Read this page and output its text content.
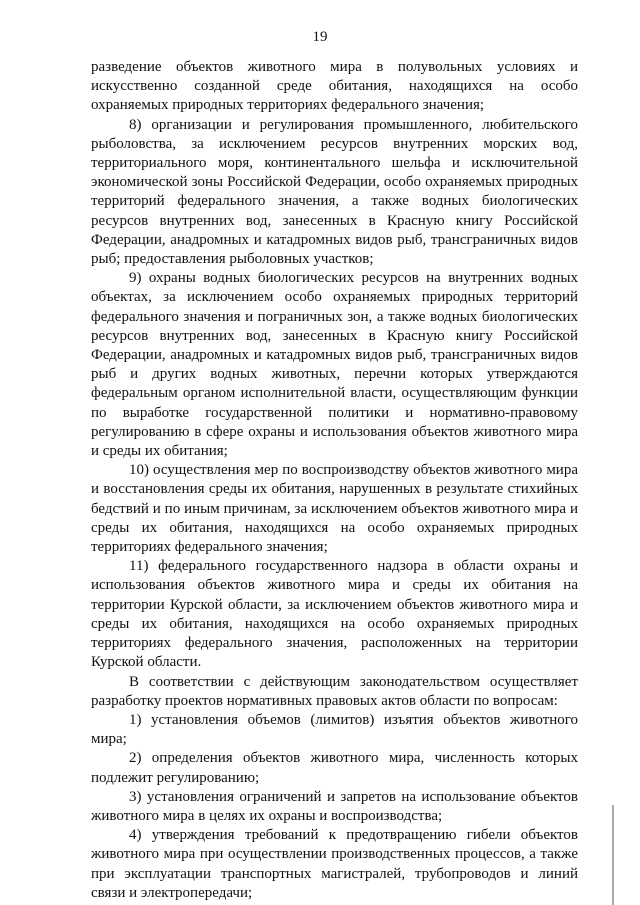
19

разведение объектов животного мира в полувольных условиях и искусственно созданной среде обитания, находящихся на особо охраняемых природных территориях федерального значения;

8) организации и регулирования промышленного, любительского рыболовства, за исключением ресурсов внутренних морских вод, территориального моря, континентального шельфа и исключительной экономической зоны Российской Федерации, особо охраняемых природных территорий федерального значения, а также водных биологических ресурсов внутренних вод, занесенных в Красную книгу Российской Федерации, анадромных и катадромных видов рыб, трансграничных видов рыб; предоставления рыболовных участков;

9) охраны водных биологических ресурсов на внутренних водных объектах, за исключением особо охраняемых природных территорий федерального значения и пограничных зон, а также водных биологических ресурсов внутренних вод, занесенных в Красную книгу Российской Федерации, анадромных и катадромных видов рыб, трансграничных видов рыб и других водных животных, перечни которых утверждаются федеральным органом исполнительной власти, осуществляющим функции по выработке государственной политики и нормативно-правовому регулированию в сфере охраны и использования объектов животного мира и среды их обитания;

10) осуществления мер по воспроизводству объектов животного мира и восстановления среды их обитания, нарушенных в результате стихийных бедствий и по иным причинам, за исключением объектов животного мира и среды их обитания, находящихся на особо охраняемых природных территориях федерального значения;

11) федерального государственного надзора в области охраны и использования объектов животного мира и среды их обитания на территории Курской области, за исключением объектов животного мира и среды их обитания, находящихся на особо охраняемых природных территориях федерального значения, расположенных на территории Курской области.

В соответствии с действующим законодательством осуществляет разработку проектов нормативных правовых актов области по вопросам:

1) установления объемов (лимитов) изъятия объектов животного мира;

2) определения объектов животного мира, численность которых подлежит регулированию;

3) установления ограничений и запретов на использование объектов животного мира в целях их охраны и воспроизводства;

4) утверждения требований к предотвращению гибели объектов животного мира при осуществлении производственных процессов, а также при эксплуатации транспортных магистралей, трубопроводов и линий связи и электропередачи;
